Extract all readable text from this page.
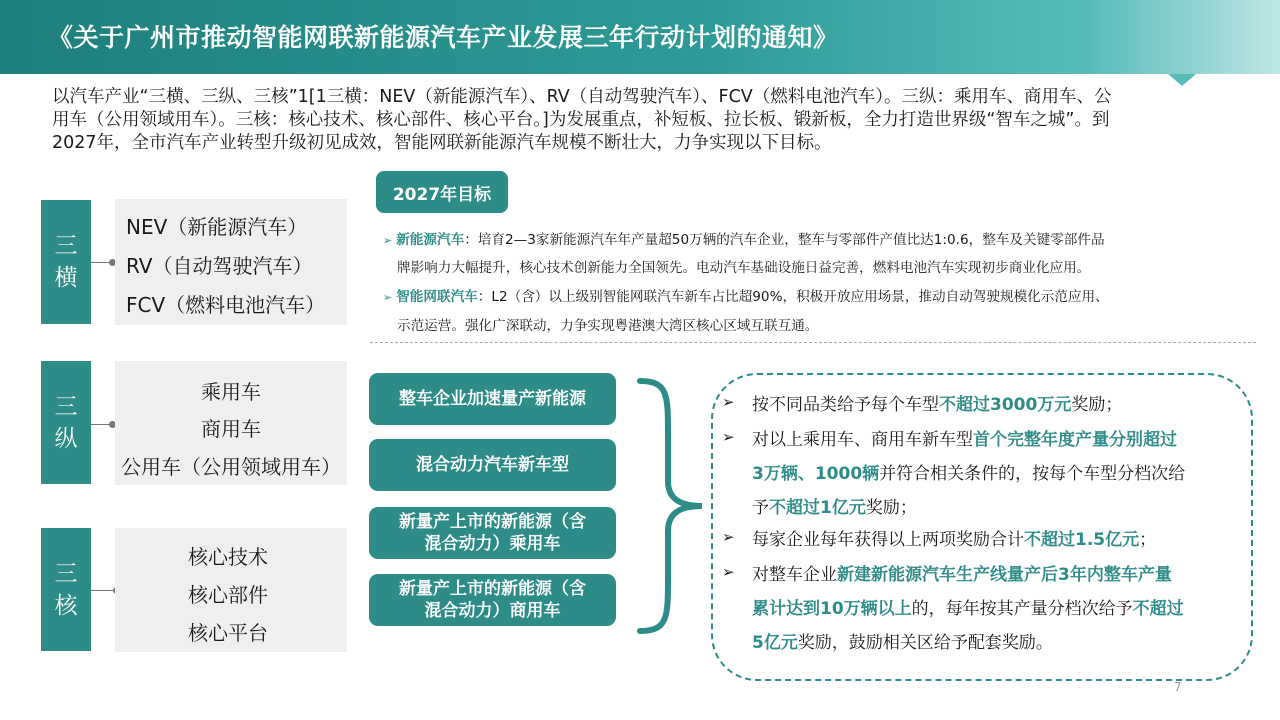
《关于广州市推动智能网联新能源汽车产业发展三年行动计划的通知》
以汽车产业“三横、三纵、三核”1[1三横：NEV（新能源汽车）、RV（自动驾驶汽车）、FCV（燃料电池汽车）。三纵：乘用车、商用车、公
用车（公用领域用车）。三核：核心技术、核心部件、核心平台。]为发展重点，补短板、拉长板、锻新板，全力打造世界级“智车之城”。到
2027年，全市汽车产业转型升级初见成效，智能网联新能源汽车规模不断壮大，力争实现以下目标。
三
横
NEV（新能源汽车）
RV（自动驾驶汽车）
FCV（燃料电池汽车）
三
纵
乘用车
商用车
公用车（公用领域用车）
三
核
核心技术
核心部件
核心平台
2027年目标
➢ 新能源汽车：培育2—3家新能源汽车年产量超50万辆的汽车企业，整车与零部件产值比达1:0.6，整车及关键零部件品
牌影响力大幅提升，核心技术创新能力全国领先。电动汽车基础设施日益完善，燃料电池汽车实现初步商业化应用。
➢ 智能网联汽车：L2（含）以上级别智能网联汽车新车占比超90%，积极开放应用场景，推动自动驾驶规模化示范应用、
示范运营。强化广深联动，力争实现粤港澳大湾区核心区域互联互通。
整车企业加速量产新能源
混合动力汽车新车型
新量产上市的新能源（含
混合动力）乘用车
新量产上市的新能源（含
混合动力）商用车
➢ 按不同品类给予每个车型不超过3000万元奖励；
➢ 对以上乘用车、商用车新车型首个完整年度产量分别超过
3万辆、1000辆并符合相关条件的，按每个车型分档次给
予不超过1亿元奖励；
➢ 每家企业每年获得以上两项奖励合计不超过1.5亿元；
➢ 对整车企业新建新能源汽车生产线量产后3年内整车产量
累计达到10万辆以上的，每年按其产量分档次给予不超过
5亿元奖励，鼓励相关区给予配套奖励。
7
